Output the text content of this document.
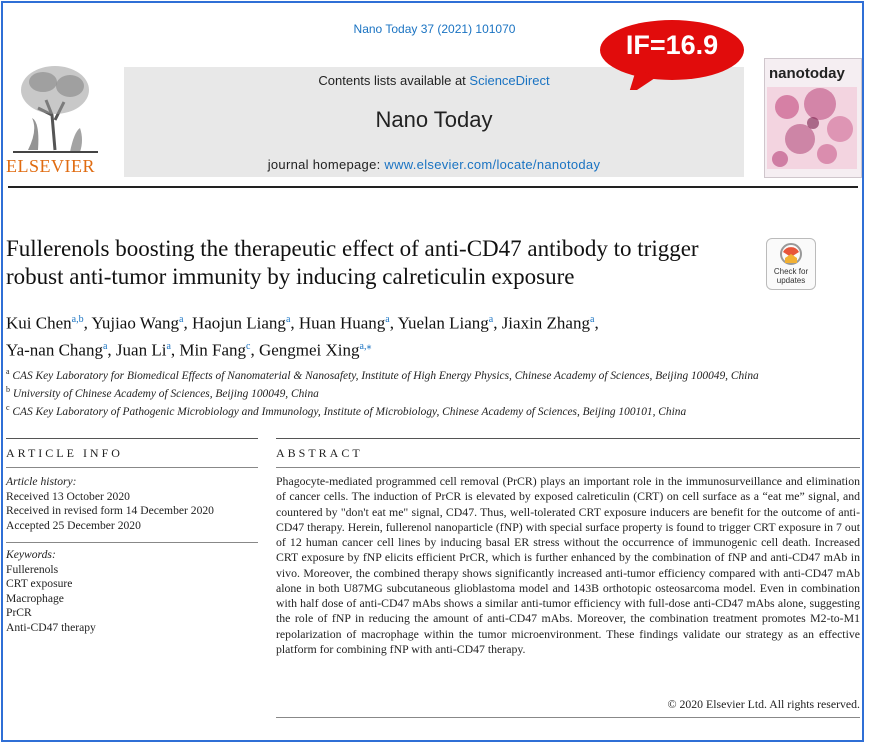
Nano Today 37 (2021) 101070
ELSEVIER
Contents lists available at ScienceDirect
Nano Today
journal homepage: www.elsevier.com/locate/nanotoday
nanotoday
IF=16.9
Fullerenols boosting the therapeutic effect of anti-CD47 antibody to trigger robust anti-tumor immunity by inducing calreticulin exposure	Check for updates
Kui Chen$^{a,b}$, Yujiao Wang$^a$, Haojun Liang$^a$, Huan Huang$^a$, Yuelan Liang$^a$, Jiaxin Zhang$^a$,
Ya-nan Chang$^a$, Juan Li$^a$, Min Fang$^c$, Gengmei Xing$^{a,⁎}$
$^a$ CAS Key Laboratory for Biomedical Effects of Nanomaterial & Nanosafety, Institute of High Energy Physics, Chinese Academy of Sciences, Beijing 100049, China
$^b$ University of Chinese Academy of Sciences, Beijing 100049, China
$^c$ CAS Key Laboratory of Pathogenic Microbiology and Immunology, Institute of Microbiology, Chinese Academy of Sciences, Beijing 100101, China
ARTICLE INFO	ABSTRACT
Article history:
Received 13 October 2020
Received in revised form 14 December 2020
Accepted 25 December 2020
Keywords:
Fullerenols
CRT exposure
Macrophage
PrCR
Anti-CD47 therapy
Phagocyte-mediated programmed cell removal (PrCR) plays an important role in the immunosurveillance and elimination of cancer cells. The induction of PrCR is elevated by exposed calreticulin (CRT) on cell surface as a “eat me” signal, and countered by "don't eat me" signal, CD47. Thus, well-tolerated CRT exposure inducers are benefit for the outcome of anti-CD47 therapy. Herein, fullerenol nanoparticle (fNP) with special surface property is found to trigger CRT exposure in 7 out of 12 human cancer cell lines by inducing basal ER stress without the occurrence of immunogenic cell death. Increased CRT exposure by fNP elicits efficient PrCR, which is further enhanced by the combination of fNP and anti-CD47 mAb in vivo. Moreover, the combined therapy shows significantly increased anti-tumor efficiency compared with anti-CD47 mAb alone in both U87MG subcutaneous glioblastoma model and 143B orthotopic osteosarcoma model. Even in combination with half dose of anti-CD47 mAbs shows a similar anti-tumor efficiency with full-dose anti-CD47 mAbs alone, suggesting the role of fNP in reducing the amount of anti-CD47 mAbs. Moreover, the combination treatment promotes M2-to-M1 repolarization of macrophage within the tumor microenvironment. These findings validate our strategy as an effective platform for combining fNP with anti-CD47 therapy.
© 2020 Elsevier Ltd. All rights reserved.
